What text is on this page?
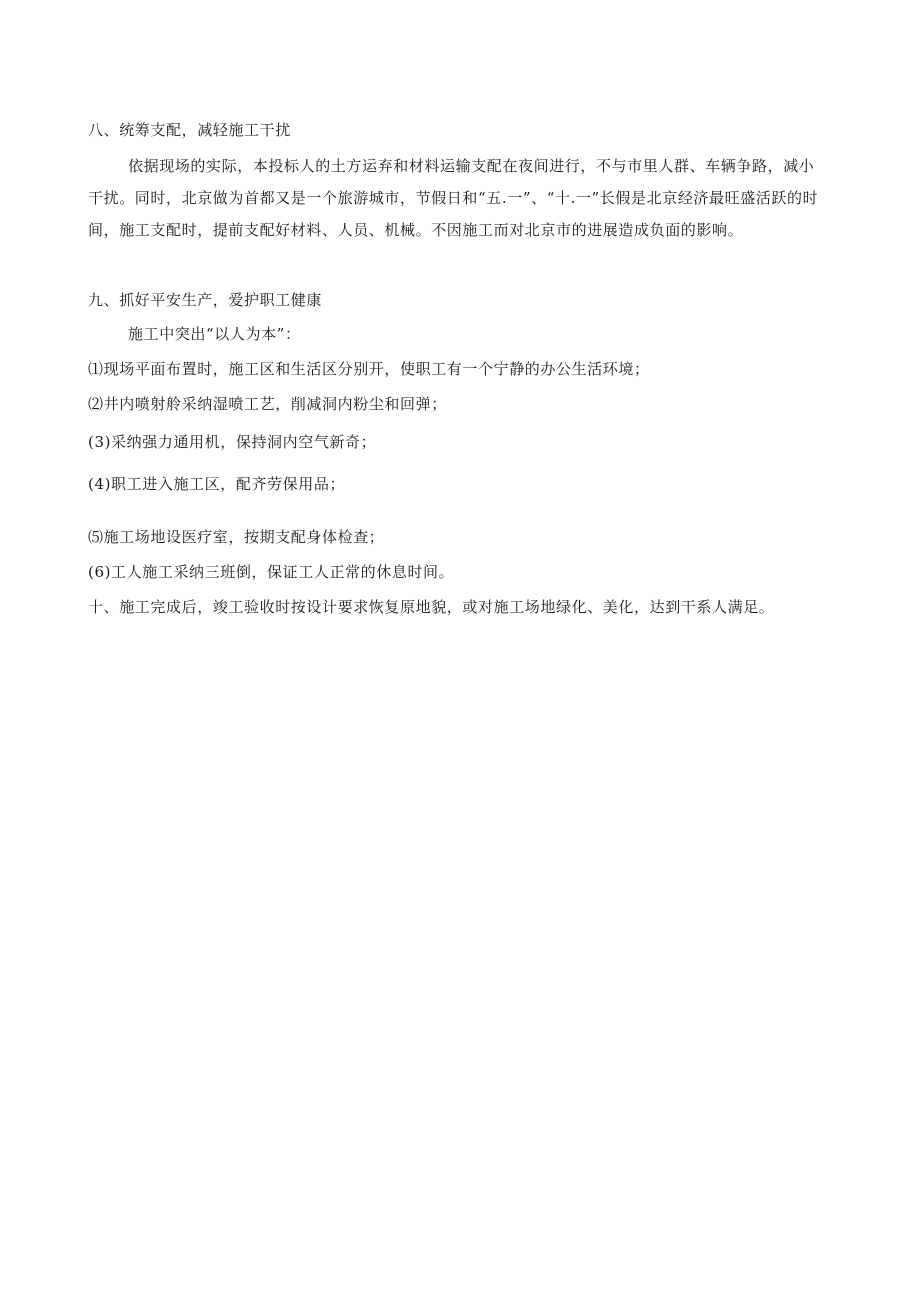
八、统筹支配，减轻施工干扰
依据现场的实际，本投标人的土方运弃和材料运输支配在夜间进行，不与市里人群、车辆争路，减小干扰。同时，北京做为首都又是一个旅游城市，节假日和“五.一”、“十.一”长假是北京经济最旺盛活跃的时间，施工支配时，提前支配好材料、人员、机械。不因施工而对北京市的进展造成负面的影响。
九、抓好平安生产，爱护职工健康
施工中突出“以人为本”：
⑴现场平面布置时，施工区和生活区分别开，使职工有一个宁静的办公生活环境；
⑵井内喷射舲采纳湿喷工艺，削减洞内粉尘和回弹；
(3)采纳强力通用机，保持洞内空气新奇；
(4)职工进入施工区，配齐劳保用品；
⑸施工场地设医疗室，按期支配身体检查；
(6)工人施工采纳三班倒，保证工人正常的休息时间。
十、施工完成后，竣工验收时按设计要求恢复原地貌，或对施工场地绿化、美化，达到干系人满足。
